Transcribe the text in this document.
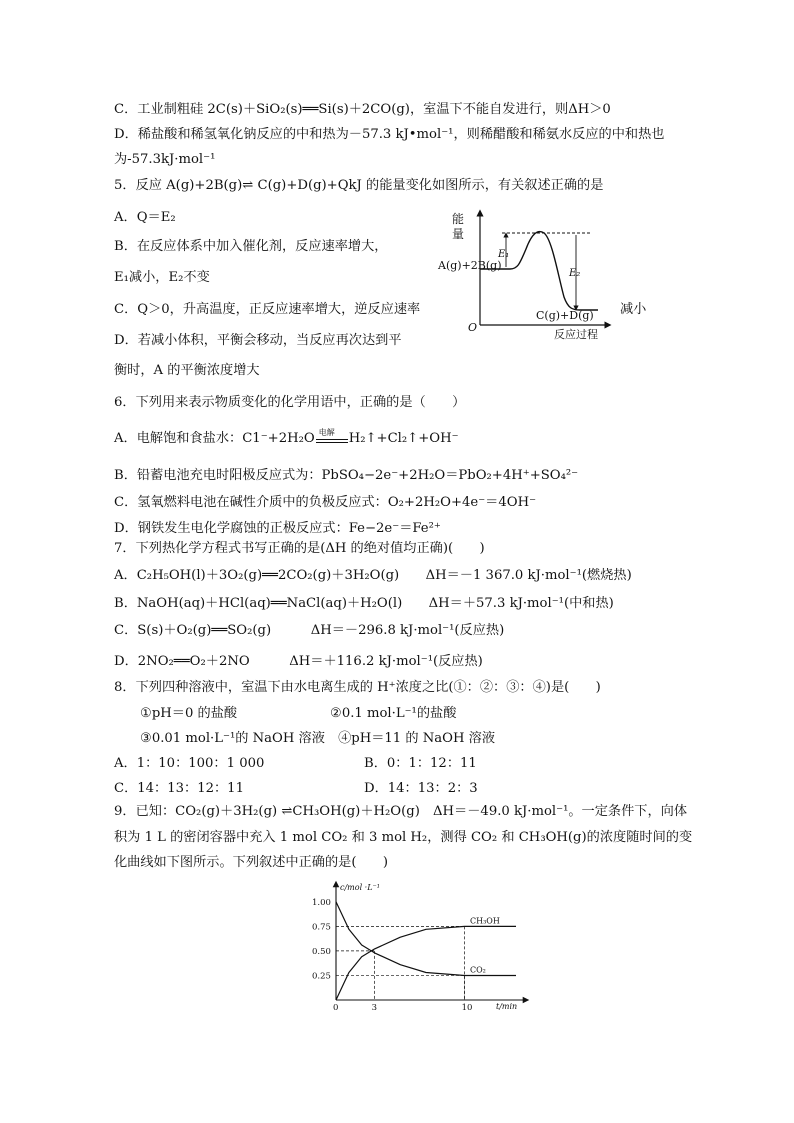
C．工业制粗硅 2C(s)＋SiO₂(s)══Si(s)＋2CO(g)，室温下不能自发进行，则ΔH＞0
D．稀盐酸和稀氢氧化钠反应的中和热为－57.3 kJ•mol⁻¹，则稀醋酸和稀氨水反应的中和热也
为-57.3kJ·mol⁻¹
5．反应 A(g)+2B(g)⇌ C(g)+D(g)+QkJ 的能量变化如图所示，有关叙述正确的是
A．Q＝E₂
B．在反应体系中加入催化剂，反应速率增大，
E₁减小，E₂不变
C．Q＞0，升高温度，正反应速率增大，逆反应速率	减小
D．若减小体积，平衡会移动，当反应再次达到平
衡时，A 的平衡浓度增大
能
量
O
反应过程
E₁
E₂
A(g)+2B(g)
C(g)+D(g)
6．下列用来表示物质变化的化学用语中，正确的是（　　）
A．电解饱和食盐水：C1⁻+2H₂O 电解 H₂↑+Cl₂↑+OH⁻
B．铅蓄电池充电时阳极反应式为：PbSO₄−2e⁻+2H₂O＝PbO₂+4H⁺+SO₄²⁻
C．氢氧燃料电池在碱性介质中的负极反应式：O₂+2H₂O+4e⁻＝4OH⁻
D．钢铁发生电化学腐蚀的正极反应式：Fe−2e⁻＝Fe²⁺
7．下列热化学方程式书写正确的是(ΔH 的绝对值均正确)(　　)
A．C₂H₅OH(l)＋3O₂(g)══2CO₂(g)＋3H₂O(g)　　ΔH＝－1 367.0 kJ·mol⁻¹(燃烧热)
B．NaOH(aq)＋HCl(aq)══NaCl(aq)＋H₂O(l)　　ΔH＝＋57.3 kJ·mol⁻¹(中和热)
C．S(s)＋O₂(g)══SO₂(g)　　　ΔH＝－296.8 kJ·mol⁻¹(反应热)
D．2NO₂══O₂＋2NO　　　ΔH＝＋116.2 kJ·mol⁻¹(反应热)
8．下列四种溶液中，室温下由水电离生成的 H⁺浓度之比(①：②：③：④)是(　　)
①pH＝0 的盐酸	②0.1 mol·L⁻¹的盐酸
③0.01 mol·L⁻¹的 NaOH 溶液　④pH＝11 的 NaOH 溶液
A．1：10：100：1 000	B．0：1：12：11
C．14：13：12：11	D．14：13：2：3
9．已知：CO₂(g)＋3H₂(g) ⇌CH₃OH(g)＋H₂O(g)　ΔH＝－49.0 kJ·mol⁻¹。一定条件下，向体
积为 1 L 的密闭容器中充入 1 mol CO₂ 和 3 mol H₂，测得 CO₂ 和 CH₃OH(g)的浓度随时间的变
化曲线如下图所示。下列叙述中正确的是(　　)
c/mol ·L⁻¹
t/min
0.25
0.50
0.75
1.00
0	3	10
CH₃OH
CO₂
